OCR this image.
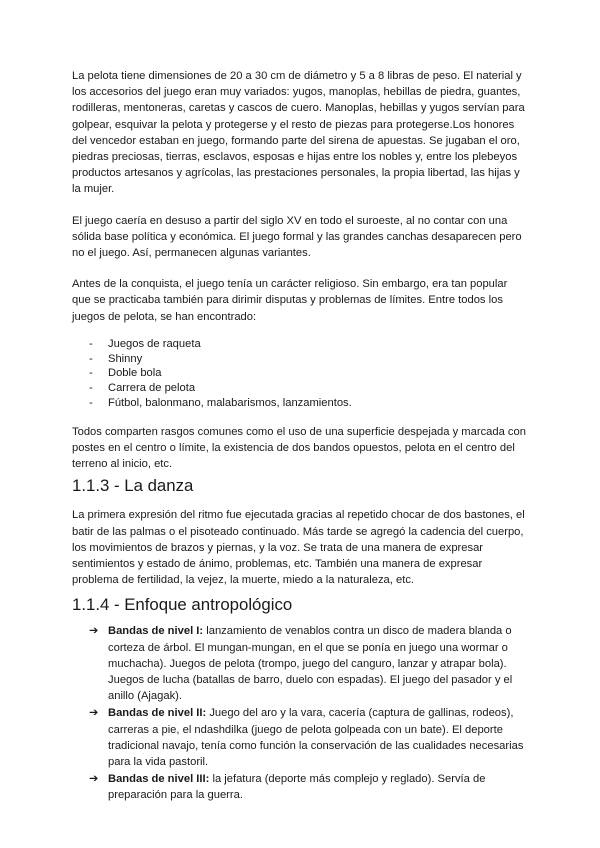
La pelota tiene dimensiones de 20 a 30 cm de diámetro y 5 a 8 libras de peso. El naterial y los accesorios del juego eran muy variados: yugos, manoplas, hebillas de piedra, guantes, rodilleras, mentoneras, caretas y cascos de cuero. Manoplas, hebillas y yugos servían para golpear, esquivar la pelota y protegerse y el resto de piezas para protegerse.Los honores del vencedor estaban en juego, formando parte del sirena de apuestas. Se jugaban el oro, piedras preciosas, tierras, esclavos, esposas e hijas entre los nobles y, entre los plebeyos productos artesanos y agrícolas, las prestaciones personales, la propia libertad, las hijas y la mujer.

El juego caería en desuso a partir del siglo XV en todo el suroeste, al no contar con una sólida base política y económica. El juego formal y las grandes canchas desaparecen pero no el juego. Así, permanecen algunas variantes.

Antes de la conquista, el juego tenía un carácter religioso. Sin embargo, era tan popular que se practicaba también para dirimir disputas y problemas de límites. Entre todos los juegos de pelota, se han encontrado:

- Juegos de raqueta
- Shinny
- Doble bola
- Carrera de pelota
- Fútbol, balonmano, malabarismos, lanzamientos.

Todos comparten rasgos comunes como el uso de una superficie despejada y marcada con postes en el centro o límite, la existencia de dos bandos opuestos, pelota en el centro del terreno al inicio, etc.

1.1.3 - La danza

La primera expresión del ritmo fue ejecutada gracias al repetido chocar de dos bastones, el batir de las palmas o el pisoteado continuado. Más tarde se agregó la cadencia del cuerpo, los movimientos de brazos y piernas, y la voz. Se trata de una manera de expresar sentimientos y estado de ánimo, problemas, etc. También una manera de expresar problema de fertilidad, la vejez, la muerte, miedo a la naturaleza, etc.

1.1.4 - Enfoque antropológico
➔ Bandas de nivel I: lanzamiento de venablos contra un disco de madera blanda o corteza de árbol. El mungan-mungan, en el que se ponía en juego una wormar o muchacha). Juegos de pelota (trompo, juego del canguro, lanzar y atrapar bola). Juegos de lucha (batallas de barro, duelo con espadas). El juego del pasador y el anillo (Ajagak).
➔ Bandas de nivel II: Juego del aro y la vara, cacería (captura de gallinas, rodeos), carreras a pie, el ndashdilka (juego de pelota golpeada con un bate). El deporte tradicional navajo, tenía como función la conservación de las cualidades necesarias para la vida pastoril.
➔ Bandas de nivel III: la jefatura (deporte más complejo y reglado). Servía de preparación para la guerra.
